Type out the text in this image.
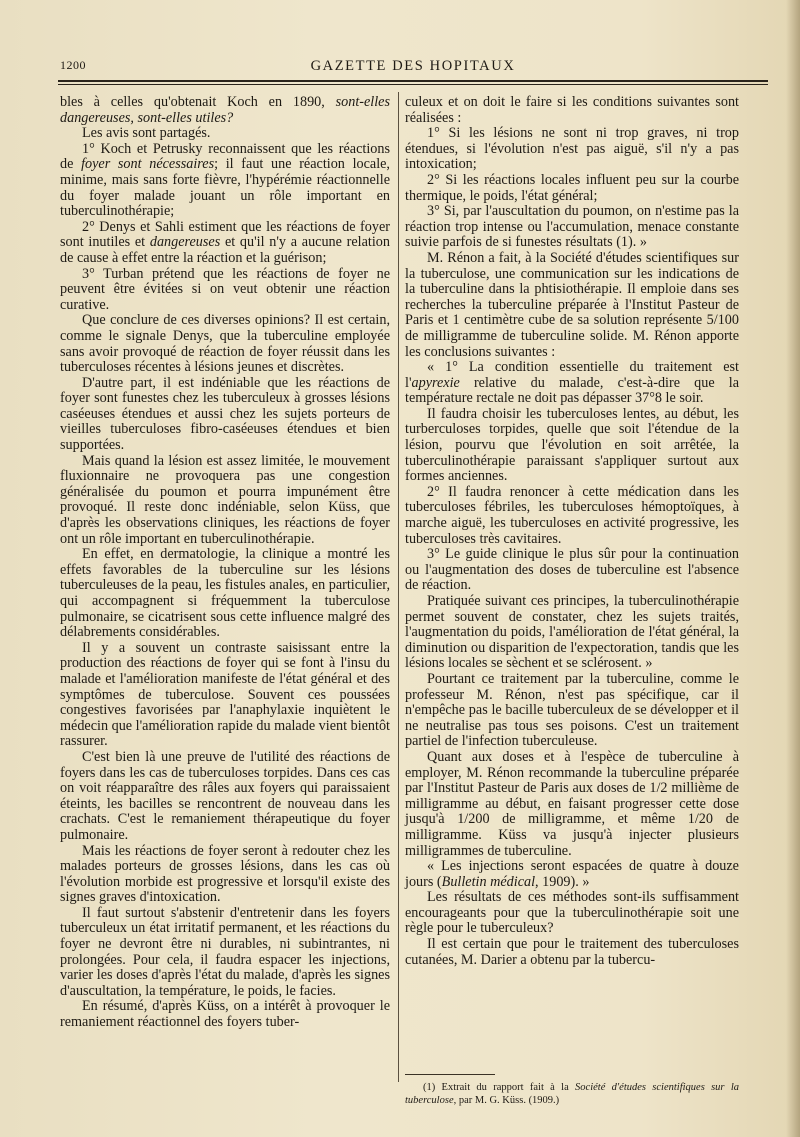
1200	GAZETTE DES HOPITAUX

bles à celles qu'obtenait Koch en 1890, sont-elles dangereuses, sont-elles utiles?

Les avis sont partagés.

1° Koch et Petrusky reconnaissent que les réactions de foyer sont nécessaires; il faut une réaction locale, minime, mais sans forte fièvre, l'hypérémie réactionnelle du foyer malade jouant un rôle important en tuberculinothérapie;

2° Denys et Sahli estiment que les réactions de foyer sont inutiles et dangereuses et qu'il n'y a aucune relation de cause à effet entre la réaction et la guérison;

3° Turban prétend que les réactions de foyer ne peuvent être évitées si on veut obtenir une réaction curative.

Que conclure de ces diverses opinions? Il est certain, comme le signale Denys, que la tuberculine employée sans avoir provoqué de réaction de foyer réussit dans les tuberculoses récentes à lésions jeunes et discrètes.

D'autre part, il est indéniable que les réactions de foyer sont funestes chez les tuberculeux à grosses lésions caséeuses étendues et aussi chez les sujets porteurs de vieilles tuberculoses fibro-caséeuses étendues et bien supportées.

Mais quand la lésion est assez limitée, le mouvement fluxionnaire ne provoquera pas une congestion généralisée du poumon et pourra impunément être provoqué. Il reste donc indéniable, selon Küss, que d'après les observations cliniques, les réactions de foyer ont un rôle important en tuberculinothérapie.

En effet, en dermatologie, la clinique a montré les effets favorables de la tuberculine sur les lésions tuberculeuses de la peau, les fistules anales, en particulier, qui accompagnent si fréquemment la tuberculose pulmonaire, se cicatrisent sous cette influence malgré des délabrements considérables.

Il y a souvent un contraste saisissant entre la production des réactions de foyer qui se font à l'insu du malade et l'amélioration manifeste de l'état général et des symptômes de tuberculose. Souvent ces poussées congestives favorisées par l'anaphylaxie inquiètent le médecin que l'amélioration rapide du malade vient bientôt rassurer.

C'est bien là une preuve de l'utilité des réactions de foyers dans les cas de tuberculoses torpides. Dans ces cas on voit réapparaître des râles aux foyers qui paraissaient éteints, les bacilles se rencontrent de nouveau dans les crachats. C'est le remaniement thérapeutique du foyer pulmonaire.

Mais les réactions de foyer seront à redouter chez les malades porteurs de grosses lésions, dans les cas où l'évolution morbide est progressive et lorsqu'il existe des signes graves d'intoxication.

Il faut surtout s'abstenir d'entretenir dans les foyers tuberculeux un état irritatif permanent, et les réactions du foyer ne devront être ni durables, ni subintrantes, ni prolongées. Pour cela, il faudra espacer les injections, varier les doses d'après l'état du malade, d'après les signes d'auscultation, la température, le poids, le facies.

En résumé, d'après Küss, on a intérêt à provoquer le remaniement réactionnel des foyers tuber-

culeux et on doit le faire si les conditions suivantes sont réalisées :

1° Si les lésions ne sont ni trop graves, ni trop étendues, si l'évolution n'est pas aiguë, s'il n'y a pas intoxication;

2° Si les réactions locales influent peu sur la courbe thermique, le poids, l'état général;

3° Si, par l'auscultation du poumon, on n'estime pas la réaction trop intense ou l'accumulation, menace constante suivie parfois de si funestes résultats (1). »

M. Rénon a fait, à la Société d'études scientifiques sur la tuberculose, une communication sur les indications de la tuberculine dans la phtisiothérapie. Il emploie dans ses recherches la tuberculine préparée à l'Institut Pasteur de Paris et 1 centimètre cube de sa solution représente 5/100 de milligramme de tuberculine solide. M. Rénon apporte les conclusions suivantes :

« 1° La condition essentielle du traitement est l'apyrexie relative du malade, c'est-à-dire que la température rectale ne doit pas dépasser 37°8 le soir.

Il faudra choisir les tuberculoses lentes, au début, les turberculoses torpides, quelle que soit l'étendue de la lésion, pourvu que l'évolution en soit arrêtée, la tuberculinothérapie paraissant s'appliquer surtout aux formes anciennes.

2° Il faudra renoncer à cette médication dans les tuberculoses fébriles, les tuberculoses hémoptoïques, à marche aiguë, les tuberculoses en activité progressive, les tuberculoses très cavitaires.

3° Le guide clinique le plus sûr pour la continuation ou l'augmentation des doses de tuberculine est l'absence de réaction.

Pratiquée suivant ces principes, la tuberculinothérapie permet souvent de constater, chez les sujets traités, l'augmentation du poids, l'amélioration de l'état général, la diminution ou disparition de l'expectoration, tandis que les lésions locales se sèchent et se sclérosent. »

Pourtant ce traitement par la tuberculine, comme le professeur M. Rénon, n'est pas spécifique, car il n'empêche pas le bacille tuberculeux de se développer et il ne neutralise pas tous ses poisons. C'est un traitement partiel de l'infection tuberculeuse.

Quant aux doses et à l'espèce de tuberculine à employer, M. Rénon recommande la tuberculine préparée par l'Institut Pasteur de Paris aux doses de 1/2 millième de milligramme au début, en faisant progresser cette dose jusqu'à 1/200 de milligramme, et même 1/20 de milligramme. Küss va jusqu'à injecter plusieurs milligrammes de tuberculine.

« Les injections seront espacées de quatre à douze jours (Bulletin médical, 1909). »

Les résultats de ces méthodes sont-ils suffisamment encourageants pour que la tuberculinothérapie soit une règle pour le tuberculeux?

Il est certain que pour le traitement des tuberculoses cutanées, M. Darier a obtenu par la tubercu-

(1) Extrait du rapport fait à la Société d'études scientifiques sur la tuberculose, par M. G. Küss. (1909.)
